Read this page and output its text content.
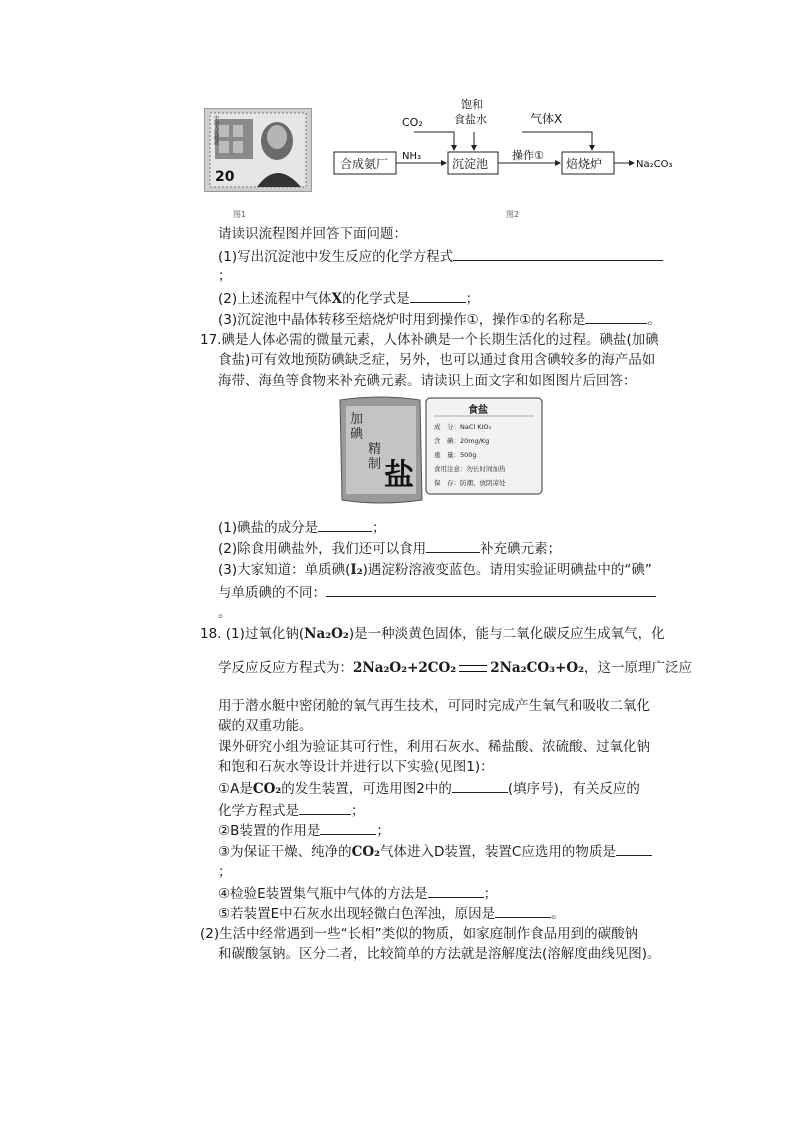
20
中国人民邮政
图1
合成氨厂
NH₃
沉淀池
操作①
焙烧炉	Na₂CO₃
CO₂
饱和
食盐水	气体X
图2
请读识流程图并回答下面问题：
(1)写出沉淀池中发生反应的化学方程式
；
(2)上述流程中气体X的化学式是	；
(3)沉淀池中晶体转移至焙烧炉时用到操作①，操作①的名称是	。
17.碘是人体必需的微量元素，人体补碘是一个长期生活化的过程。碘盐(加碘
食盐)可有效地预防碘缺乏症，另外，也可以通过食用含碘较多的海产品如
海带、海鱼等食物来补充碘元素。请读识上面文字和如图图片后回答：
加碘
精制 盐
食盐
成　分：NaCl KIO₃
含　碘：20mg/Kg
重　量：500g
食用注意：勿长时间加热
保　存：防潮、放阴凉处
(1)碘盐的成分是	；
(2)除食用碘盐外，我们还可以食用	补充碘元素；
(3)大家知道：单质碘(I₂)遇淀粉溶液变蓝色。请用实验证明碘盐中的“碘”
与单质碘的不同：
。
18. (1)过氧化钠(Na₂O₂)是一种淡黄色固体，能与二氧化碳反应生成氧气，化
学反应反应方程式为：2Na₂O₂+2CO₂	2Na₂CO₃+O₂，这一原理广泛应
用于潜水艇中密闭舱的氧气再生技术，可同时完成产生氧气和吸收二氧化
碳的双重功能。
课外研究小组为验证其可行性，利用石灰水、稀盐酸、浓硫酸、过氧化钠
和饱和石灰水等设计并进行以下实验(见图1)：
①A是CO₂的发生装置，可选用图2中的	(填序号)，有关反应的
化学方程式是	；
②B装置的作用是	；
③为保证干燥、纯净的CO₂气体进入D装置，装置C应选用的物质是
；
④检验E装置集气瓶中气体的方法是	；
⑤若装置E中石灰水出现轻微白色浑浊，原因是	。
(2)生活中经常遇到一些“长相”类似的物质，如家庭制作食品用到的碳酸钠
和碳酸氢钠。区分二者，比较简单的方法就是溶解度法(溶解度曲线见图)。
